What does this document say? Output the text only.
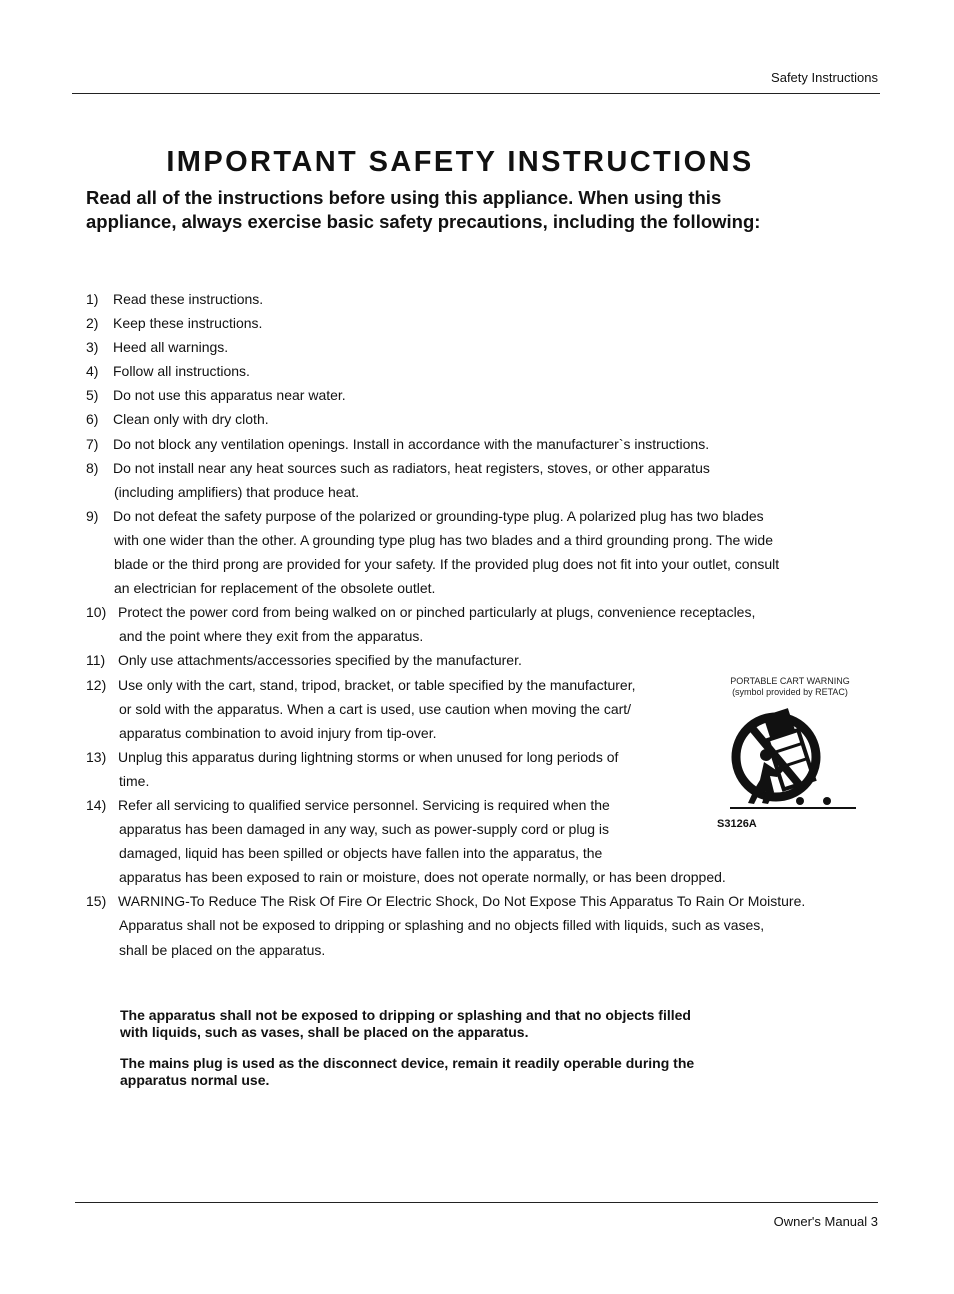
Safety Instructions
IMPORTANT SAFETY INSTRUCTIONS
Read all of the instructions before using this appliance. When using this
appliance, always exercise basic safety precautions, including the following:
1) Read these instructions.
2) Keep these instructions.
3) Heed all warnings.
4) Follow all instructions.
5) Do not use this apparatus near water.
6) Clean only with dry cloth.
7) Do not block any ventilation openings. Install in accordance with the manufacturer`s instructions.
8) Do not install near any heat sources such as radiators, heat registers, stoves, or other apparatus
(including amplifiers) that produce heat.
9) Do not defeat the safety purpose of the polarized or grounding-type plug. A polarized plug has two blades
with one wider than the other. A grounding type plug has two blades and a third grounding prong. The wide
blade or the third prong are provided for your safety. If the provided plug does not fit into your outlet, consult
an electrician for replacement of the obsolete outlet.
10) Protect the power cord from being walked on or pinched particularly at plugs, convenience receptacles,
and the point where they exit from the apparatus.
11) Only use attachments/accessories specified by the manufacturer.
12) Use only with the cart, stand, tripod, bracket, or table specified by the manufacturer,
or sold with the apparatus. When a cart is used, use caution when moving the cart/
apparatus combination to avoid injury from tip-over.
13) Unplug this apparatus during lightning storms or when unused for long periods of
time.
14) Refer all servicing to qualified service personnel. Servicing is required when the
apparatus has been damaged in any way, such as power-supply cord or plug is
damaged, liquid has been spilled or objects have fallen into the apparatus, the
apparatus has been exposed to rain or moisture, does not operate normally, or has been dropped.
15) WARNING-To Reduce The Risk Of Fire Or Electric Shock, Do Not Expose This Apparatus To Rain Or Moisture.
Apparatus shall not be exposed to dripping or splashing and no objects filled with liquids, such as vases,
shall be placed on the apparatus.
PORTABLE CART WARNING
(symbol provided by RETAC)
S3126A

The apparatus shall not be exposed to dripping or splashing and that no objects filled
with liquids, such as vases, shall be placed on the apparatus.

The mains plug is used as the disconnect device, remain it readily operable during the
apparatus normal use.

Owner's Manual 3
